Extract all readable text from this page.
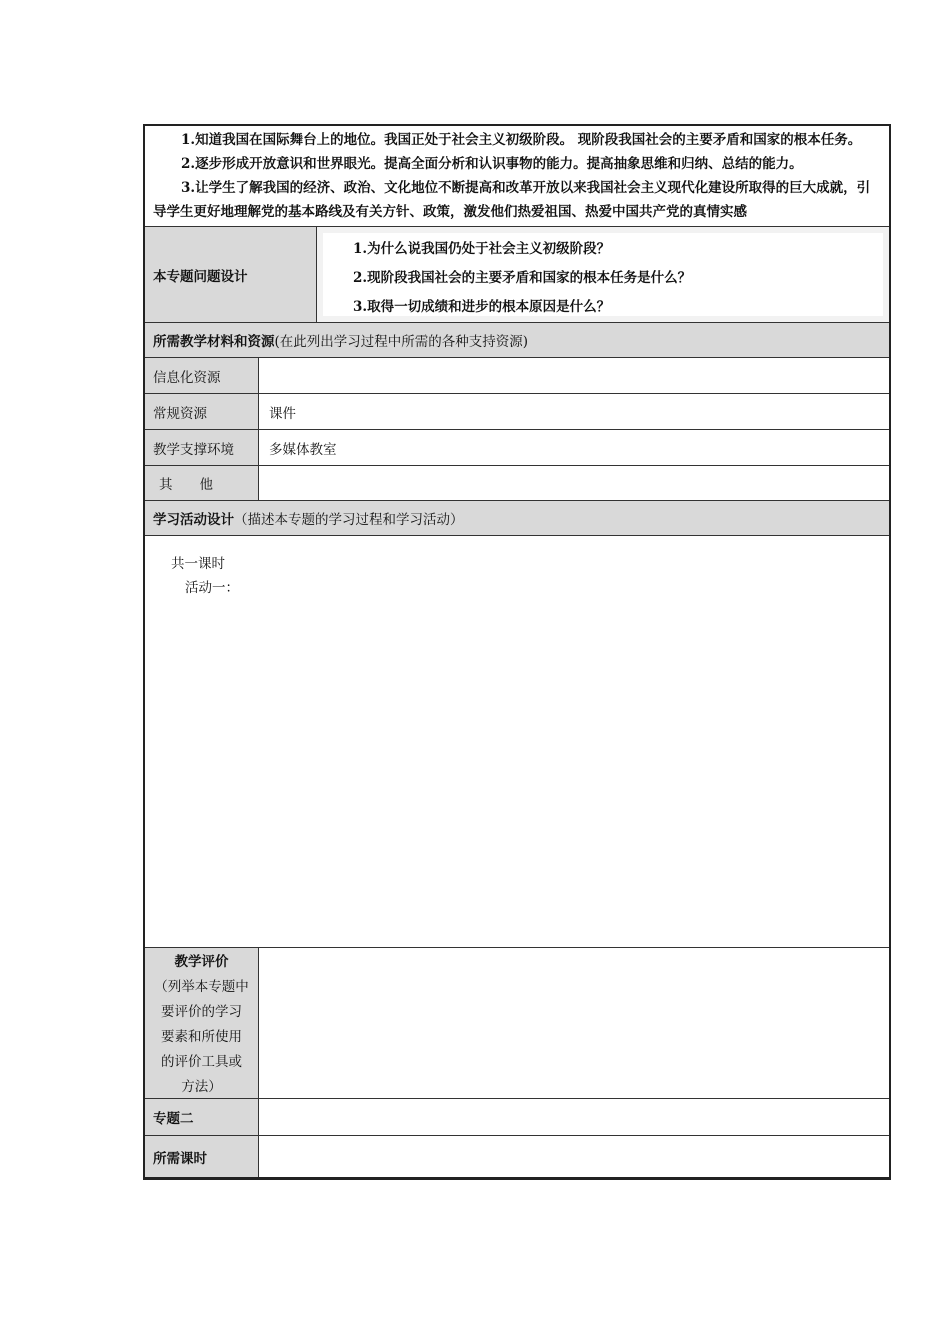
1.知道我国在国际舞台上的地位。我国正处于社会主义初级阶段。 现阶段我国社会的主要矛盾和国家的根本任务。

2.逐步形成开放意识和世界眼光。提高全面分析和认识事物的能力。提高抽象思维和归纳、总结的能力。

3.让学生了解我国的经济、政治、文化地位不断提高和改革开放以来我国社会主义现代化建设所取得的巨大成就，引导学生更好地理解党的基本路线及有关方针、政策，激发他们热爱祖国、热爱中国共产党的真情实感

本专题问题设计
1.为什么说我国仍处于社会主义初级阶段？
2.现阶段我国社会的主要矛盾和国家的根本任务是什么？
3.取得一切成绩和进步的根本原因是什么？
所需教学材料和资源 (在此列出学习过程中所需的各种支持资源)
信息化资源
常规资源	课件
教学支撑环境	多媒体教室
其　　他
学习活动设计 （描述本专题的学习过程和学习活动）
共一课时
活动一：
教学评价
（列举本专题中
要评价的学习
要素和所使用
的评价工具或
方法）
专题二
所需课时
